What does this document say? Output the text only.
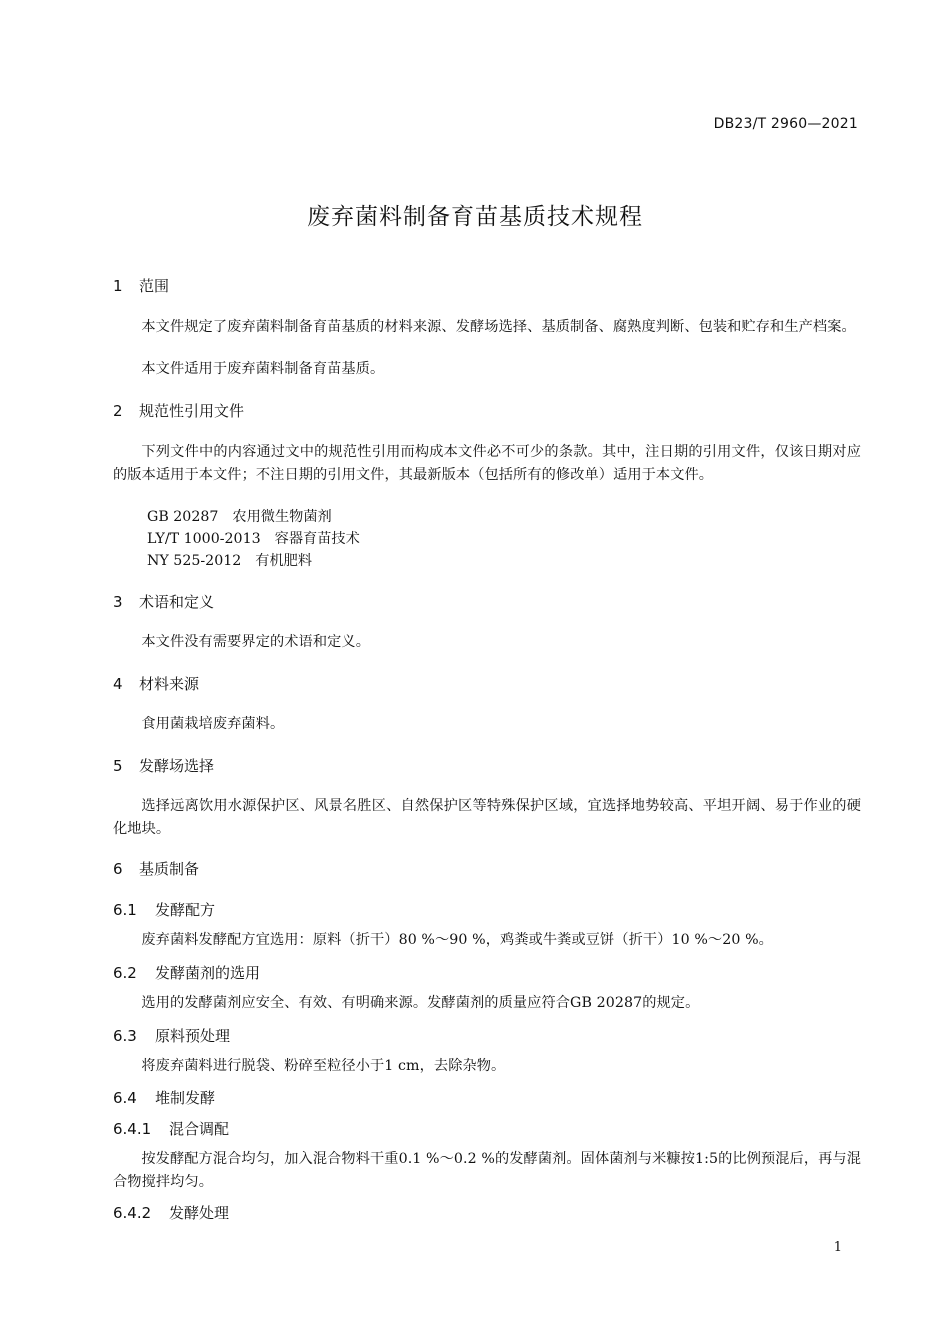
DB23/T 2960—2021
废弃菌料制备育苗基质技术规程
1 范围
本文件规定了废弃菌料制备育苗基质的材料来源、发酵场选择、基质制备、腐熟度判断、包装和贮存和生产档案。
本文件适用于废弃菌料制备育苗基质。
2 规范性引用文件
下列文件中的内容通过文中的规范性引用而构成本文件必不可少的条款。其中，注日期的引用文件，仅该日期对应的版本适用于本文件；不注日期的引用文件，其最新版本（包括所有的修改单）适用于本文件。
GB 20287 农用微生物菌剂
LY/T 1000-2013 容器育苗技术
NY 525-2012 有机肥料
3 术语和定义
本文件没有需要界定的术语和定义。
4 材料来源
食用菌栽培废弃菌料。
5 发酵场选择
选择远离饮用水源保护区、风景名胜区、自然保护区等特殊保护区域，宜选择地势较高、平坦开阔、易于作业的硬化地块。
6 基质制备
6.1 发酵配方
废弃菌料发酵配方宜选用：原料（折干）80 %～90 %，鸡粪或牛粪或豆饼（折干）10 %～20 %。
6.2 发酵菌剂的选用
选用的发酵菌剂应安全、有效、有明确来源。发酵菌剂的质量应符合GB 20287的规定。
6.3 原料预处理
将废弃菌料进行脱袋、粉碎至粒径小于1 cm，去除杂物。
6.4 堆制发酵
6.4.1 混合调配
按发酵配方混合均匀，加入混合物料干重0.1 %～0.2 %的发酵菌剂。固体菌剂与米糠按1:5的比例预混后，再与混合物搅拌均匀。
6.4.2 发酵处理
1
